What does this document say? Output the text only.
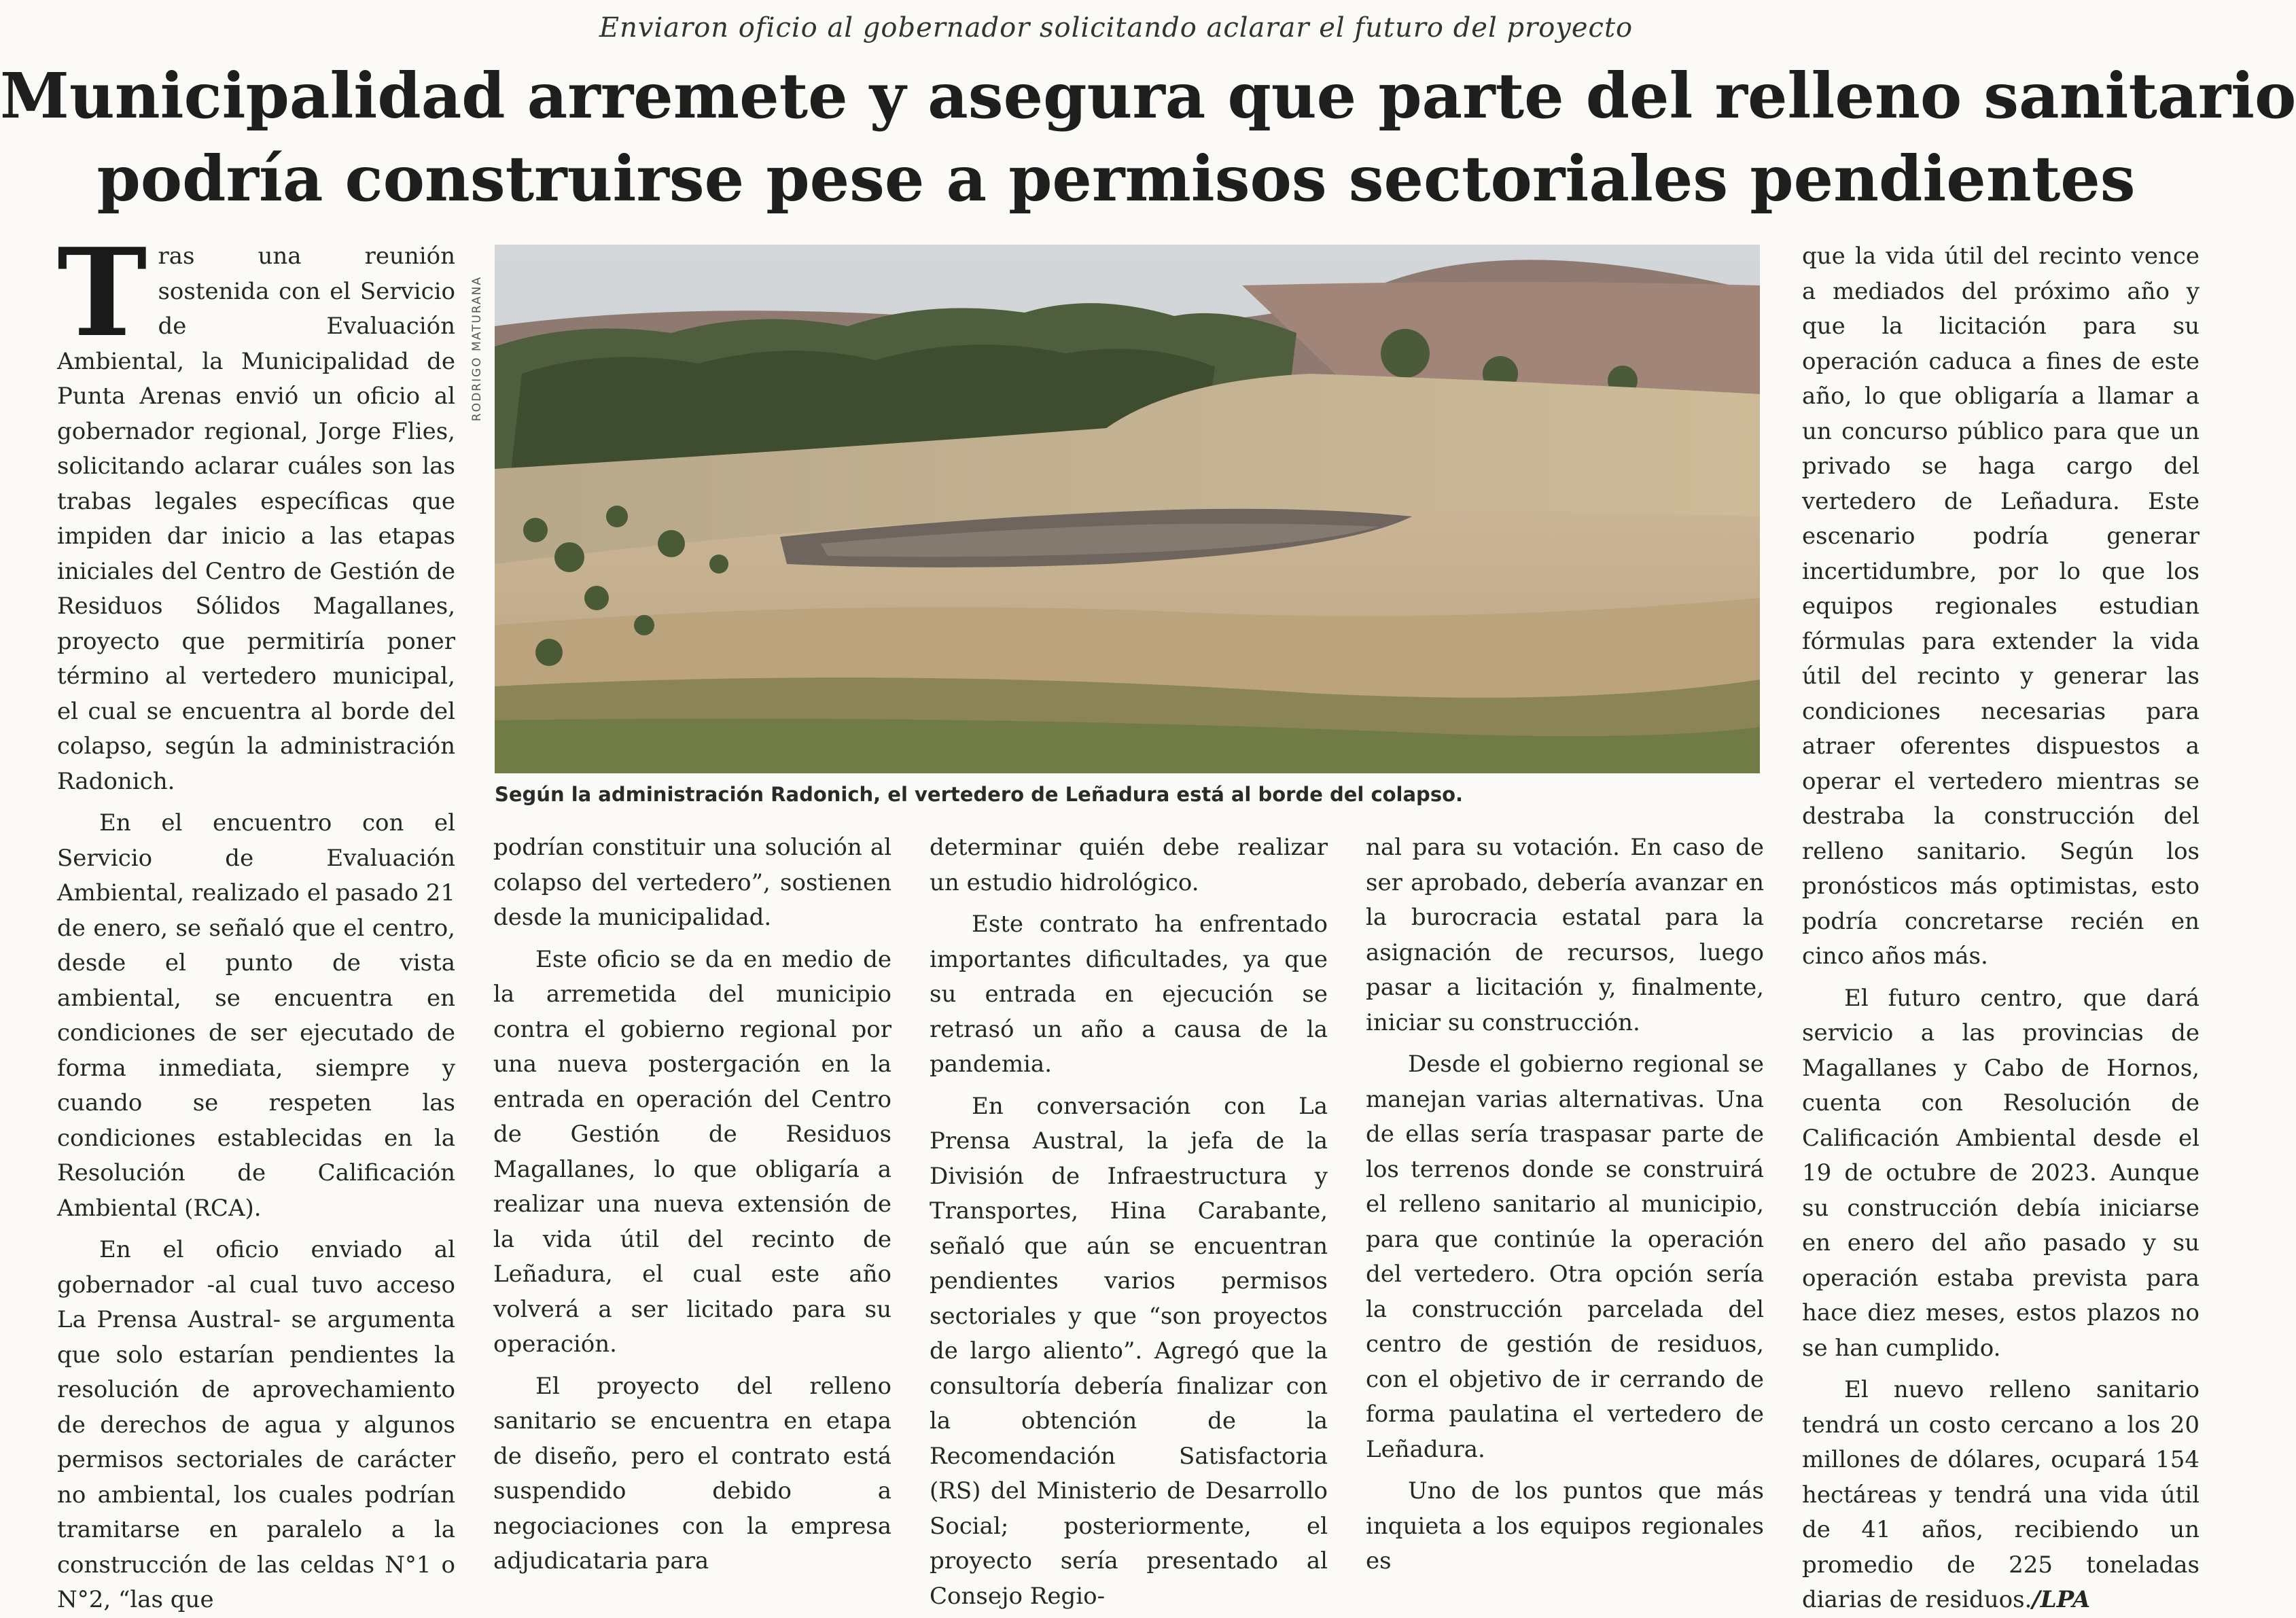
Enviaron oficio al gobernador solicitando aclarar el futuro del proyecto
Municipalidad arremete y asegura que parte del relleno sanitario
podría construirse pese a permisos sectoriales pendientes

Tras una reunión sostenida con el Servicio de Evaluación Ambiental, la Municipalidad de Punta Arenas envió un oficio al gobernador regional, Jorge Flies, solicitando aclarar cuáles son las trabas legales específicas que impiden dar inicio a las etapas iniciales del Centro de Gestión de Residuos Sólidos Magallanes, proyecto que permitiría poner término al vertedero municipal, el cual se encuentra al borde del colapso, según la administración Radonich.

En el encuentro con el Servicio de Evaluación Ambiental, realizado el pasado 21 de enero, se señaló que el centro, desde el punto de vista ambiental, se encuentra en condiciones de ser ejecutado de forma inmediata, siempre y cuando se respeten las condiciones establecidas en la Resolución de Calificación Ambiental (RCA).

En el oficio enviado al gobernador -al cual tuvo acceso La Prensa Austral- se argumenta que solo estarían pendientes la resolución de aprovechamiento de derechos de agua y algunos permisos sectoriales de carácter no ambiental, los cuales podrían tramitarse en paralelo a la construcción de las celdas N°1 o N°2, “las que

RODRIGO MATURANA
Según la administración Radonich, el vertedero de Leñadura está al borde del colapso.

podrían constituir una solución al colapso del vertedero”, sostienen desde la municipalidad.

Este oficio se da en medio de la arremetida del municipio contra el gobierno regional por una nueva postergación en la entrada en operación del Centro de Gestión de Residuos Magallanes, lo que obligaría a realizar una nueva extensión de la vida útil del recinto de Leñadura, el cual este año volverá a ser licitado para su operación.

El proyecto del relleno sanitario se encuentra en etapa de diseño, pero el contrato está suspendido debido a negociaciones con la empresa adjudicataria para

determinar quién debe realizar un estudio hidrológico.

Este contrato ha enfrentado importantes dificultades, ya que su entrada en ejecución se retrasó un año a causa de la pandemia.

En conversación con La Prensa Austral, la jefa de la División de Infraestructura y Transportes, Hina Carabante, señaló que aún se encuentran pendientes varios permisos sectoriales y que “son proyectos de largo aliento”. Agregó que la consultoría debería finalizar con la obtención de la Recomendación Satisfactoria (RS) del Ministerio de Desarrollo Social; posteriormente, el proyecto sería presentado al Consejo Regio-

nal para su votación. En caso de ser aprobado, debería avanzar en la burocracia estatal para la asignación de recursos, luego pasar a licitación y, finalmente, iniciar su construcción.

Desde el gobierno regional se manejan varias alternativas. Una de ellas sería traspasar parte de los terrenos donde se construirá el relleno sanitario al municipio, para que continúe la operación del vertedero. Otra opción sería la construcción parcelada del centro de gestión de residuos, con el objetivo de ir cerrando de forma paulatina el vertedero de Leñadura.

Uno de los puntos que más inquieta a los equipos regionales es

que la vida útil del recinto vence a mediados del próximo año y que la licitación para su operación caduca a fines de este año, lo que obligaría a llamar a un concurso público para que un privado se haga cargo del vertedero de Leñadura. Este escenario podría generar incertidumbre, por lo que los equipos regionales estudian fórmulas para extender la vida útil del recinto y generar las condiciones necesarias para atraer oferentes dispuestos a operar el vertedero mientras se destraba la construcción del relleno sanitario. Según los pronósticos más optimistas, esto podría concretarse recién en cinco años más.

El futuro centro, que dará servicio a las provincias de Magallanes y Cabo de Hornos, cuenta con Resolución de Calificación Ambiental desde el 19 de octubre de 2023. Aunque su construcción debía iniciarse en enero del año pasado y su operación estaba prevista para hace diez meses, estos plazos no se han cumplido.

El nuevo relleno sanitario tendrá un costo cercano a los 20 millones de dólares, ocupará 154 hectáreas y tendrá una vida útil de 41 años, recibiendo un promedio de 225 toneladas diarias de residuos./LPA
